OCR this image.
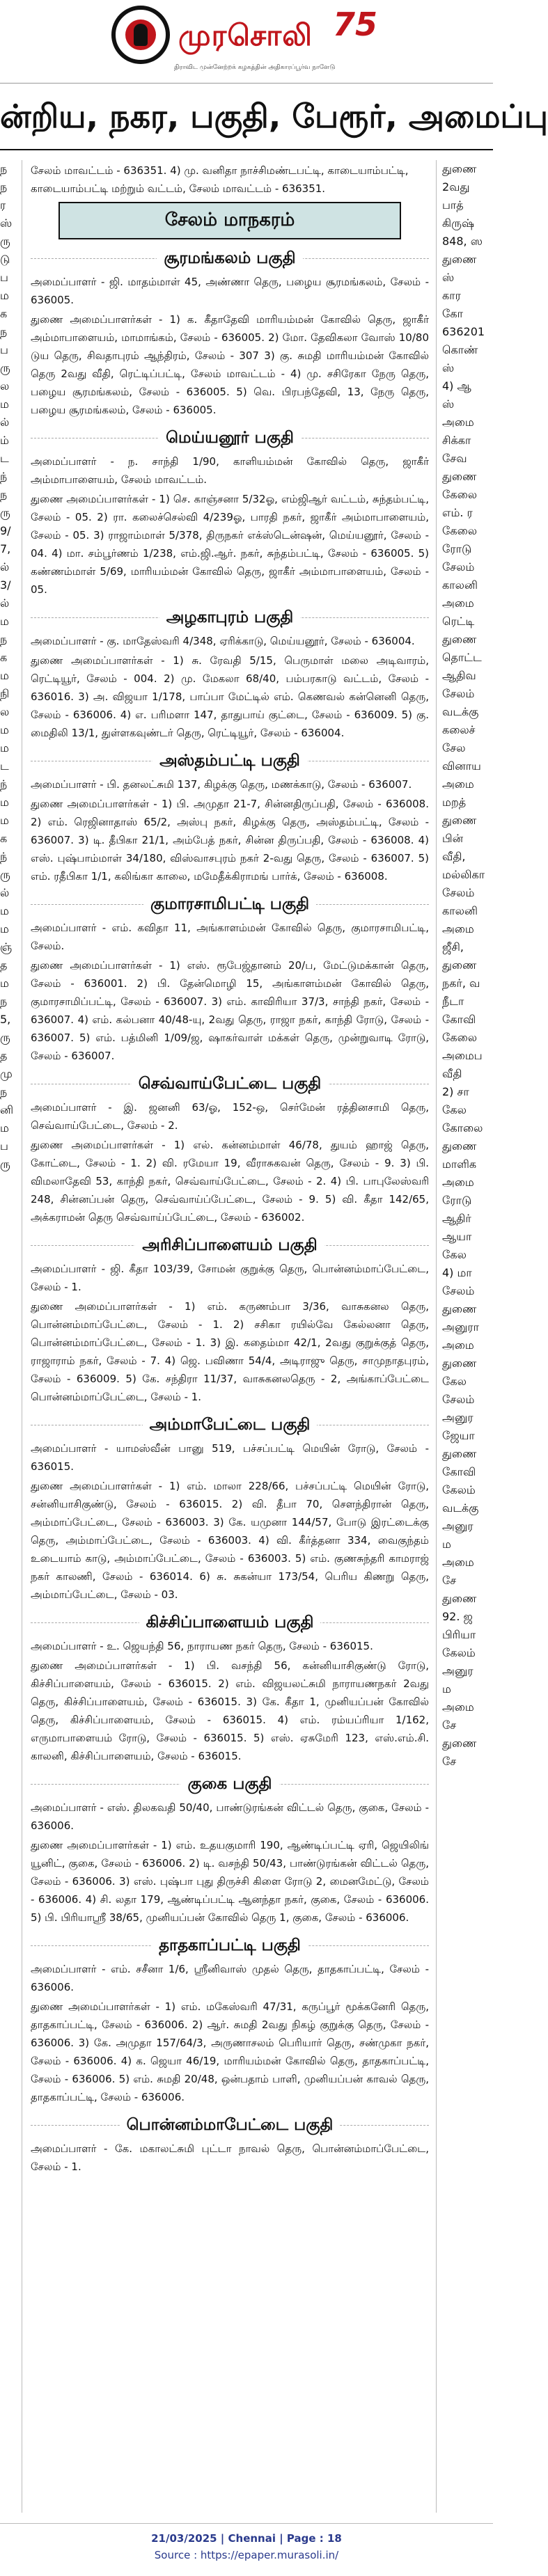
முரசொலி 75
திராவிட முன்னேற்றக் கழகத்தின் அதிகாரப்பூர்வ நாளேடு
ன்றிய, நகர, பகுதி, பேரூர், அமைப்பு
ந
ந
ர
ஸ்
ரு
டு
ப
ம
க
ந
ப
ரு
ல
ம
ல்
ம்
ட
ந்
ந
ரு
9/
7,
ல்
3/
ல்
ம
ந
க
ம
நி
ல
ம
ம
ட
ந்
ம
ம
க
ந்
ரு
ல்
ம
ம
ஞ்
த
ம
ந
5,
ரு
த
மு
ந
னி
ம
ப
ரு
சேலம் மாவட்டம் - 636351. 4) மு. வனிதா நாச்சிமண்டபட்டி, காடையாம்பட்டி, காடையாம்பட்டி மற்றும் வட்டம், சேலம் மாவட்டம் - 636351.
சேலம் மாநகரம்
சூரமங்கலம் பகுதி
அமைப்பாளர் - ஜி. மாதம்மாள் 45, அண்ணா தெரு, பழைய சூரமங்கலம், சேலம் - 636005.
துணை அமைப்பாளர்கள் - 1) க. கீதாதேவி மாரியம்மன் கோவில் தெரு, ஜாகீர் அம்மாபாளையம், மாமாங்கம், சேலம் - 636005. 2) மோ. தேவிகலா வோஸ் 10/80 டுய தெரு, சிவதாபுரம் ஆந்திரம், சேலம் - 307 3) கு. சுமதி மாரியம்மன் கோவில் தெரு 2வது வீதி, ரெட்டிப்பட்டி, சேலம் மாவட்டம் - 4) மு. சசிரேகா நேரு தெரு, பழைய சூரமங்கலம், சேலம் - 636005. 5) வெ. பிரபந்தேவி, 13, நேரு தெரு, பழைய சூரமங்கலம், சேலம் - 636005.
மெய்யனூர் பகுதி
அமைப்பாளர் - ந. சாந்தி 1/90, காளியம்மன் கோவில் தெரு, ஜாகீர் அம்மாபாளையம், சேலம் மாவட்டம்.
துணை அமைப்பாளர்கள் - 1) செ. காஞ்சனா 5/32ஓ, எம்ஜிஆர் வட்டம், சுந்தம்பட்டி, சேலம் - 05. 2) ரா. கலைச்செல்வி 4/239ஓ, பாரதி நகர், ஜாகீர் அம்மாபாளையம், சேலம் - 05. 3) ராஜாம்மாள் 5/378, திருநகர் எக்ஸ்டென்ஷன், மெய்யனூர், சேலம் - 04. 4) மா. சம்பூர்ணம் 1/238, எம்.ஜி.ஆர். நகர், சுந்தம்பட்டி, சேலம் - 636005. 5) கண்ணம்மாள் 5/69, மாரியம்மன் கோவில் தெரு, ஜாகீர் அம்மாபாளையம், சேலம் - 05.
அழகாபுரம் பகுதி
அமைப்பாளர் - கு. மாதேஸ்வரி 4/348, ஏரிக்காடு, மெய்யனூர், சேலம் - 636004.
துணை அமைப்பாளர்கள் - 1) சு. ரேவதி 5/15, பெருமாள் மலை அடிவாரம், ரெட்டியூர், சேலம் - 004. 2) மு. மேகலா 68/40, பம்பரகாடு வட்டம், சேலம் - 636016. 3) அ. விஜயா 1/178, பாப்பா மேட்டில் எம். கெணவல் கன்னெனி தெரு, சேலம் - 636006. 4) எ. பரிமளா 147, தாதுபாய் குட்டை, சேலம் - 636009. 5) கு. மைதிலி 13/1, துள்ளகவுண்டர் தெரு, ரெட்டியூர், சேலம் - 636004.
அஸ்தம்பட்டி பகுதி
அமைப்பாளர் - பி. தனலட்சுமி 137, கிழக்கு தெரு, மணக்காடு, சேலம் - 636007.
துணை அமைப்பாளர்கள் - 1) பி. அமுதா 21-7, சின்னதிருப்பதி, சேலம் - 636008. 2) எம். ரெஜினாதாஸ் 65/2, அஸ்பு நகர், கிழக்கு தெரு, அஸ்தம்பட்டி, சேலம் - 636007. 3) டி. தீபிகா 21/1, அம்பேத் நகர், சின்ன திருப்பதி, சேலம் - 636008. 4) எஸ். புஷ்பாம்மாள் 34/180, விஸ்வாசபுரம் நகர் 2-வது தெரு, சேலம் - 636007. 5) எம். ரதீபிகா 1/1, கலிங்கா காலை, மமேதீக்கிராமங் பார்க், சேலம் - 636008.
குமாரசாமிபட்டி பகுதி
அமைப்பாளர் - எம். கவிதா 11, அங்காளம்மன் கோவில் தெரு, குமாரசாமிபட்டி, சேலம்.
துணை அமைப்பாளர்கள் - 1) எஸ். ரூபேஜ்தானம் 20/ப, மேட்டுமக்கான் தெரு, சேலம் - 636001. 2) பி. தேன்மொழி 15, அங்காளம்மன் கோவில் தெரு, குமாரசாமிப்பட்டி, சேலம் - 636007. 3) எம். காவிரியா 37/3, சாந்தி நகர், சேலம் - 636007. 4) எம். கல்பனா 40/48-யு, 2வது தெரு, ராஜா நகர், காந்தி ரோடு, சேலம் - 636007. 5) எம். பத்மினி 1/09/ஜ, ஷாகர்வாள் மக்கள் தெரு, முன்றுவாடி ரோடு, சேலம் - 636007.
செவ்வாய்பேட்டை பகுதி
அமைப்பாளர் - இ. ஜனனி 63/ஓ, 152-ஒ, செர்மேன் ரத்தினசாமி தெரு, செவ்வாய்பேட்டை, சேலம் - 2.
துணை அமைப்பாளர்கள் - 1) எல். கன்னம்மாள் 46/78, துயம் ஹாஜ் தெரு, கோட்டை, சேலம் - 1. 2) வி. ரமேயா 19, வீராசுகவன் தெரு, சேலம் - 9. 3) பி. விமலாதேவி 53, காந்தி நகர், செவ்வாய்பேட்டை, சேலம் - 2. 4) பி. பாபுலேஸ்வரி 248, சின்னப்பன் தெரு, செவ்வாய்ப்பேட்டை, சேலம் - 9. 5) வி. கீதா 142/65, அக்கராமன் தெரு செவ்வாய்ப்பேட்டை, சேலம் - 636002.
அரிசிப்பாளையம் பகுதி
அமைப்பாளர் - ஜி. கீதா 103/39, சோமன் குறுக்கு தெரு, பொன்னம்மாப்பேட்டை, சேலம் - 1.
துணை அமைப்பாளர்கள் - 1) எம். கருணம்பா 3/36, வாசுகனல தெரு, பொன்னம்மாப்பேட்டை, சேலம் - 1. 2) சசிகா ரயில்வே கேல்லனா தெரு, பொன்னம்மாப்பேட்டை, சேலம் - 1. 3) இ. கதைம்மா 42/1, 2வது குறுக்குத் தெரு, ராஜாராம் நகர், சேலம் - 7. 4) ஜெ. பவிணா 54/4, அடிராஜு தெரு, சாமுநாதபுரம், சேலம் - 636009. 5) கே. சந்திரா 11/37, வாசுகனலதெரு - 2, அங்காப்பேட்டை பொன்னம்மாப்பேட்டை, சேலம் - 1.
அம்மாபேட்டை பகுதி
அமைப்பாளர் - யாமஸ்வீன் பானு 519, பச்சப்பட்டி மெயின் ரோடு, சேலம் - 636015.
துணை அமைப்பாளர்கள் - 1) எம். மாலா 228/66, பச்சப்பட்டி மெயின் ரோடு, சன்னியாசிகுண்டு, சேலம் - 636015. 2) வி. தீபா 70, சௌந்திரான் தெரு, அம்மாப்பேட்டை, சேலம் - 636003. 3) கே. யமுனா 144/57, போடு இரட்டைக்கு தெரு, அம்மாப்பேட்டை, சேலம் - 636003. 4) வி. கீர்த்தனா 334, வைகுந்தம் உடையாம் காடு, அம்மாப்பேட்டை, சேலம் - 636003. 5) எம். குணசுந்தரி காமராஜ் நகர் காலணி, சேலம் - 636014. 6) சு. சுகன்யா 173/54, பெரிய கிணறு தெரு, அம்மாப்பேட்டை, சேலம் - 03.
கிச்சிப்பாளையம் பகுதி
அமைப்பாளர் - உ. ஜெயந்தி 56, நாராயண நகர் தெரு, சேலம் - 636015.
துணை அமைப்பாளர்கள் - 1) பி. வசந்தி 56, கன்னியாசிகுண்டு ரோடு, கிச்சிப்பாளையம், சேலம் - 636015. 2) எம். விஜயலட்சுமி நாராயணநகர் 2வது தெரு, கிச்சிப்பாளையம், சேலம் - 636015. 3) கே. கீதா 1, முனியப்பன் கோவில் தெரு, கிச்சிப்பாளையம், சேலம் - 636015. 4) எம். ரம்யப்ரியா 1/162, எருமாபாளையம் ரோடு, சேலம் - 636015. 5) எஸ். ஏசுமேரி 123, எஸ்.எம்.சி. காலனி, கிச்சிப்பாளையம், சேலம் - 636015.
குகை பகுதி
அமைப்பாளர் - எஸ். திலகவதி 50/40, பாண்டுரங்கன் விட்டல் தெரு, குகை, சேலம் - 636006.
துணை அமைப்பாளர்கள் - 1) எம். உதயகுமாரி 190, ஆண்டிப்பட்டி ஏரி, ஜெயிலிங் யூனிட், குகை, சேலம் - 636006. 2) டி. வசந்தி 50/43, பாண்டுரங்கன் விட்டல் தெரு, சேலம் - 636006. 3) எஸ். புஷ்பா புது திருச்சி கிளை ரோடு 2, மைனமேட்டு, சேலம் - 636006. 4) சி. லதா 179, ஆண்டிப்பட்டி ஆனந்தா நகர், குகை, சேலம் - 636006. 5) பி. பிரியாஸ்ரீ 38/65, முனியப்பன் கோவில் தெரு 1, குகை, சேலம் - 636006.
தாதகாப்பட்டி பகுதி
அமைப்பாளர் - எம். சசீனா 1/6, ஸ்ரீனிவாஸ் முதல் தெரு, தாதகாப்பட்டி, சேலம் - 636006.
துணை அமைப்பாளர்கள் - 1) எம். மகேஸ்வரி 47/31, கருப்பூர் மூக்கனேரி தெரு, தாதகாப்பட்டி, சேலம் - 636006. 2) ஆர். சுமதி 2வது நிகழ் குறுக்கு தெரு, சேலம் - 636006. 3) கே. அமுதா 157/64/3, அருணாசலம் பெரியார் தெரு, சண்முகா நகர், சேலம் - 636006. 4) க. ஜெயா 46/19, மாரியம்மன் கோவில் தெரு, தாதகாப்பட்டி, சேலம் - 636006. 5) எம். சுமதி 20/48, ஒன்பதாம் பாளி, முனியப்பன் காவல் தெரு, தாதகாப்பட்டி, சேலம் - 636006.
பொன்னம்மாபேட்டை பகுதி
அமைப்பாளர் - கே. மகாலட்சுமி புட்டா நாவல் தெரு, பொன்னம்மாப்பேட்டை, சேலம் - 1.
துணை
2வது
பாத்
கிருஷ்
848, ஸ
துணை
ஸ்
கார
கோ
636201
கொண்
ஸ்
4) ஆ
ஸ்
அமை
சிக்கா
சேவ
துணை
கேலை
எம். ர
கேலை
ரோடு
சேலம்
காலனி
அமை
ரெட்டி
துணை
தொட்ட
ஆதிவ
சேலம்
வடக்கு
கலைச்
சேல
வினாய
அமை
மறத்
துணை
பின்
வீதி,
மல்லிகா
சேலம்
காலனி
அமை
ஜீசி,
துணை
நகர், வ
நீடா
கோவி
கேலை
அமைப
வீதி
2) சா
கேல
கோலை
துணை
மாளிக
அமை
ரோடு
ஆதிர்
ஆயா
கேல
4) மா
சேலம்
துணை
அனுரா
அமை
துணை
கேல
சேலம்
அனுர
ஜேயா
துணை
கோவி
கேலம்
வடக்கு
அனுர
ம
அமை
சே
துணை
92. ஜ
பிரியா
கேலம்
அனுர
ம
அமை
சே
துணை
சே
21/03/2025 | Chennai | Page : 18
Source : https://epaper.murasoli.in/
